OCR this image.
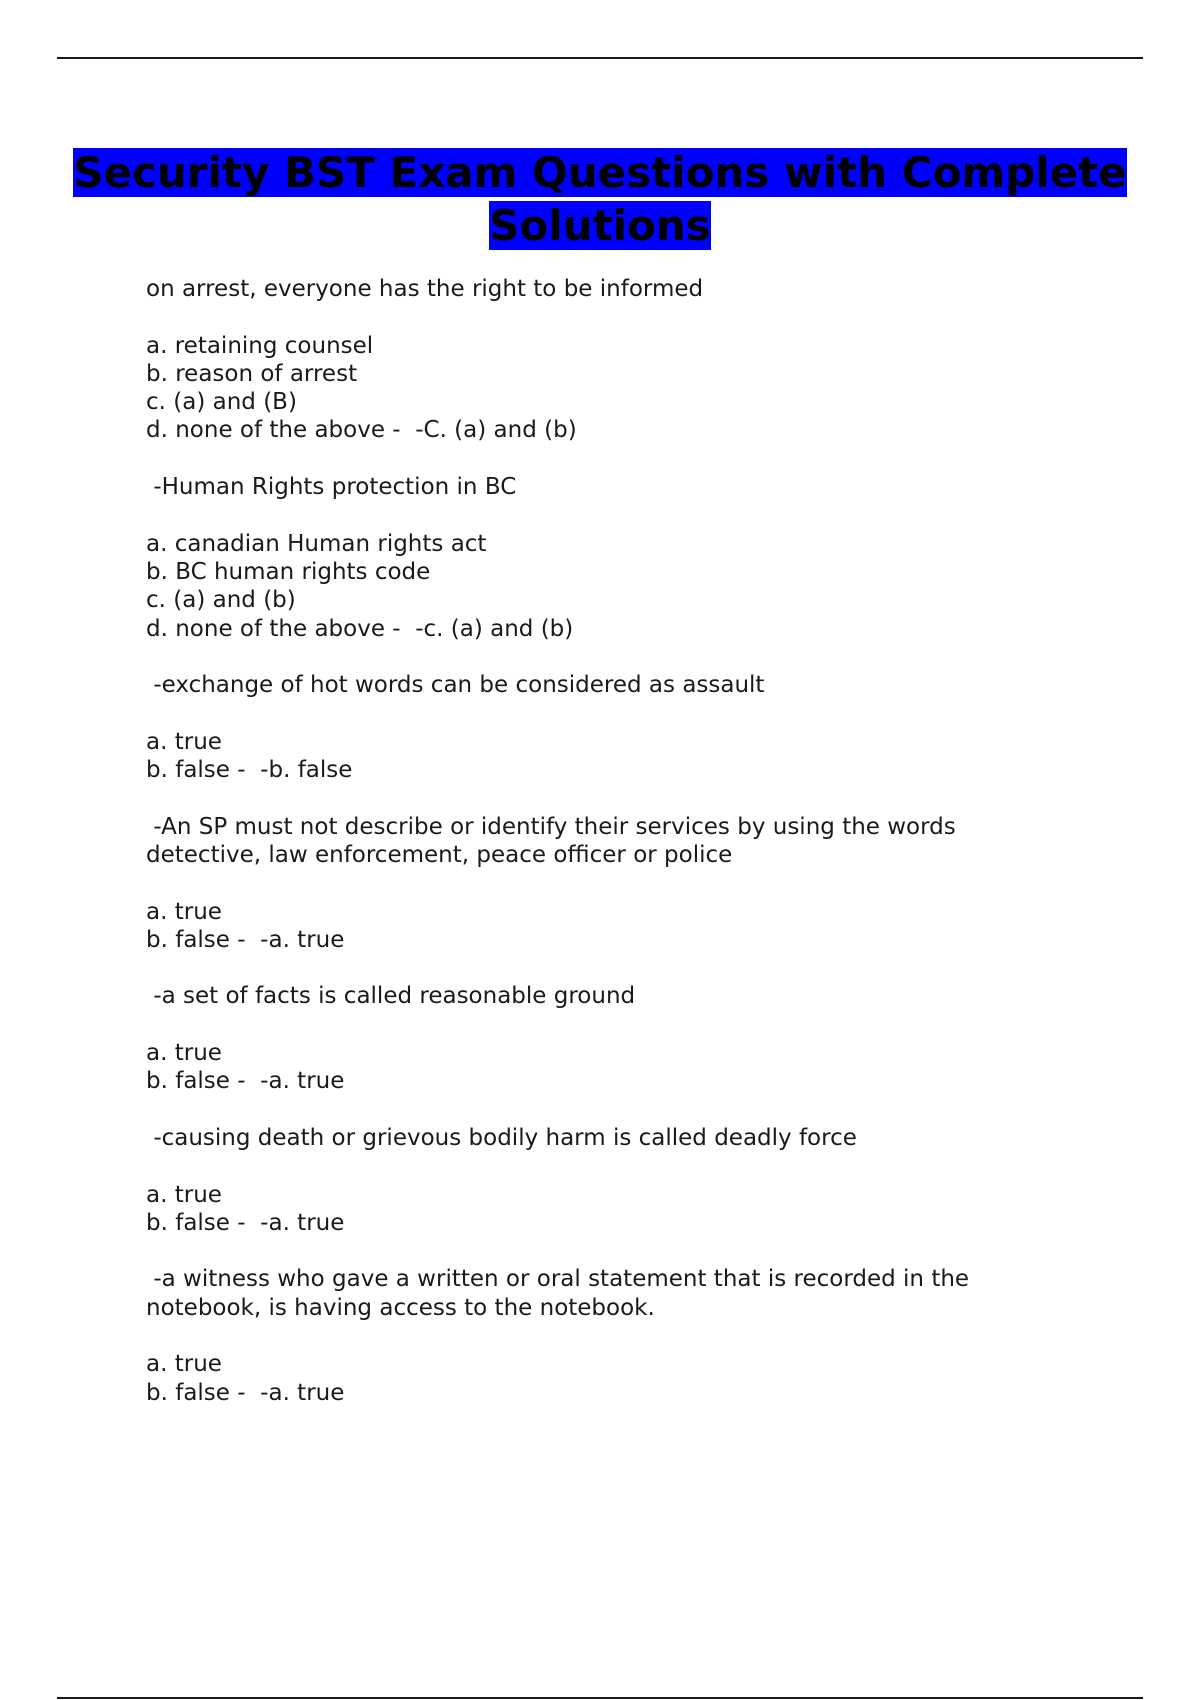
Security BST Exam Questions with Complete Solutions
on arrest, everyone has the right to be informed
a. retaining counsel
b. reason of arrest
c. (a) and (B)
d. none of the above -  -C. (a) and (b)
-Human Rights protection in BC
a. canadian Human rights act
b. BC human rights code
c. (a) and (b)
d. none of the above -  -c. (a) and (b)
-exchange of hot words can be considered as assault
a. true
b. false -  -b. false
-An SP must not describe or identify their services by using the words detective, law enforcement, peace officer or police
a. true
b. false -  -a. true
-a set of facts is called reasonable ground
a. true
b. false -  -a. true
-causing death or grievous bodily harm is called deadly force
a. true
b. false -  -a. true
-a witness who gave a written or oral statement that is recorded in the notebook, is having access to the notebook.
a. true
b. false -  -a. true
